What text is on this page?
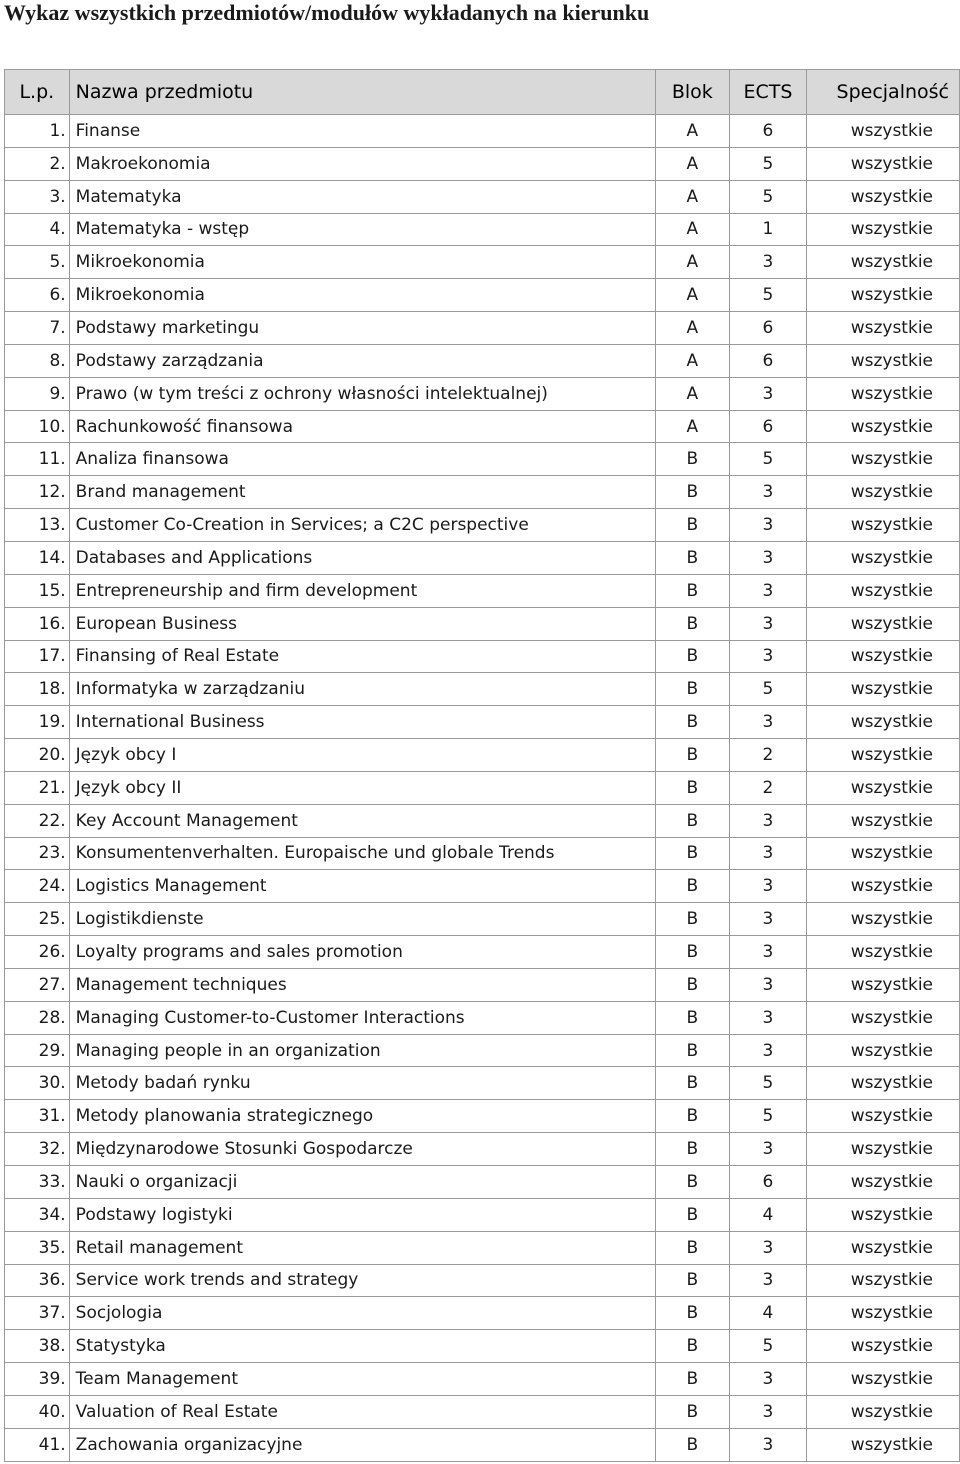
Wykaz wszystkich przedmiotów/modułów wykładanych na kierunku
L.p.	Nazwa przedmiotu	Blok	ECTS	Specjalność
1.	Finanse	A	6	wszystkie
2.	Makroekonomia	A	5	wszystkie
3.	Matematyka	A	5	wszystkie
4.	Matematyka - wstęp	A	1	wszystkie
5.	Mikroekonomia	A	3	wszystkie
6.	Mikroekonomia	A	5	wszystkie
7.	Podstawy marketingu	A	6	wszystkie
8.	Podstawy zarządzania	A	6	wszystkie
9.	Prawo (w tym treści z ochrony własności intelektualnej)	A	3	wszystkie
10.	Rachunkowość finansowa	A	6	wszystkie
11.	Analiza finansowa	B	5	wszystkie
12.	Brand management	B	3	wszystkie
13.	Customer Co-Creation in Services; a C2C perspective	B	3	wszystkie
14.	Databases and Applications	B	3	wszystkie
15.	Entrepreneurship and firm development	B	3	wszystkie
16.	European Business	B	3	wszystkie
17.	Finansing of Real Estate	B	3	wszystkie
18.	Informatyka w zarządzaniu	B	5	wszystkie
19.	International Business	B	3	wszystkie
20.	Język obcy I	B	2	wszystkie
21.	Język obcy II	B	2	wszystkie
22.	Key Account Management	B	3	wszystkie
23.	Konsumentenverhalten. Europaische und globale Trends	B	3	wszystkie
24.	Logistics Management	B	3	wszystkie
25.	Logistikdienste	B	3	wszystkie
26.	Loyalty programs and sales promotion	B	3	wszystkie
27.	Management techniques	B	3	wszystkie
28.	Managing Customer-to-Customer Interactions	B	3	wszystkie
29.	Managing people in an organization	B	3	wszystkie
30.	Metody badań rynku	B	5	wszystkie
31.	Metody planowania strategicznego	B	5	wszystkie
32.	Międzynarodowe Stosunki Gospodarcze	B	3	wszystkie
33.	Nauki o organizacji	B	6	wszystkie
34.	Podstawy logistyki	B	4	wszystkie
35.	Retail management	B	3	wszystkie
36.	Service work trends and strategy	B	3	wszystkie
37.	Socjologia	B	4	wszystkie
38.	Statystyka	B	5	wszystkie
39.	Team Management	B	3	wszystkie
40.	Valuation of Real Estate	B	3	wszystkie
41.	Zachowania organizacyjne	B	3	wszystkie
